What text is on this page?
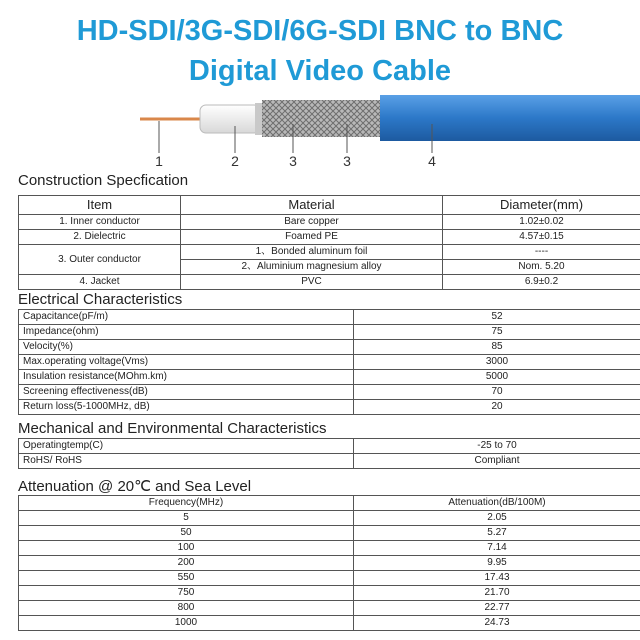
HD-SDI/3G-SDI/6G-SDI BNC to BNC
Digital Video Cable
1	2	3	3	4
Construction Specfication
Item	Material	Diameter(mm)
1. Inner conductor	Bare copper	1.02±0.02
2. Dielectric	Foamed PE	4.57±0.15
3. Outer conductor	1、Bonded aluminum foil	----
	2、Aluminium magnesium alloy	Nom. 5.20
4. Jacket	PVC	6.9±0.2
Electrical Characteristics
Capacitance(pF/m)	52
Impedance(ohm)	75
Velocity(%)	85
Max.operating voltage(Vms)	3000
Insulation resistance(MOhm.km)	5000
Screening effectiveness(dB)	70
Return loss(5-1000MHz, dB)	20
Mechanical and Environmental Characteristics
Operatingtemp(C)	-25 to 70
RoHS/ RoHS	Compliant
Attenuation @ 20℃ and Sea Level
Frequency(MHz)	Attenuation(dB/100M)
5	2.05
50	5.27
100	7.14
200	9.95
550	17.43
750	21.70
800	22.77
1000	24.73
